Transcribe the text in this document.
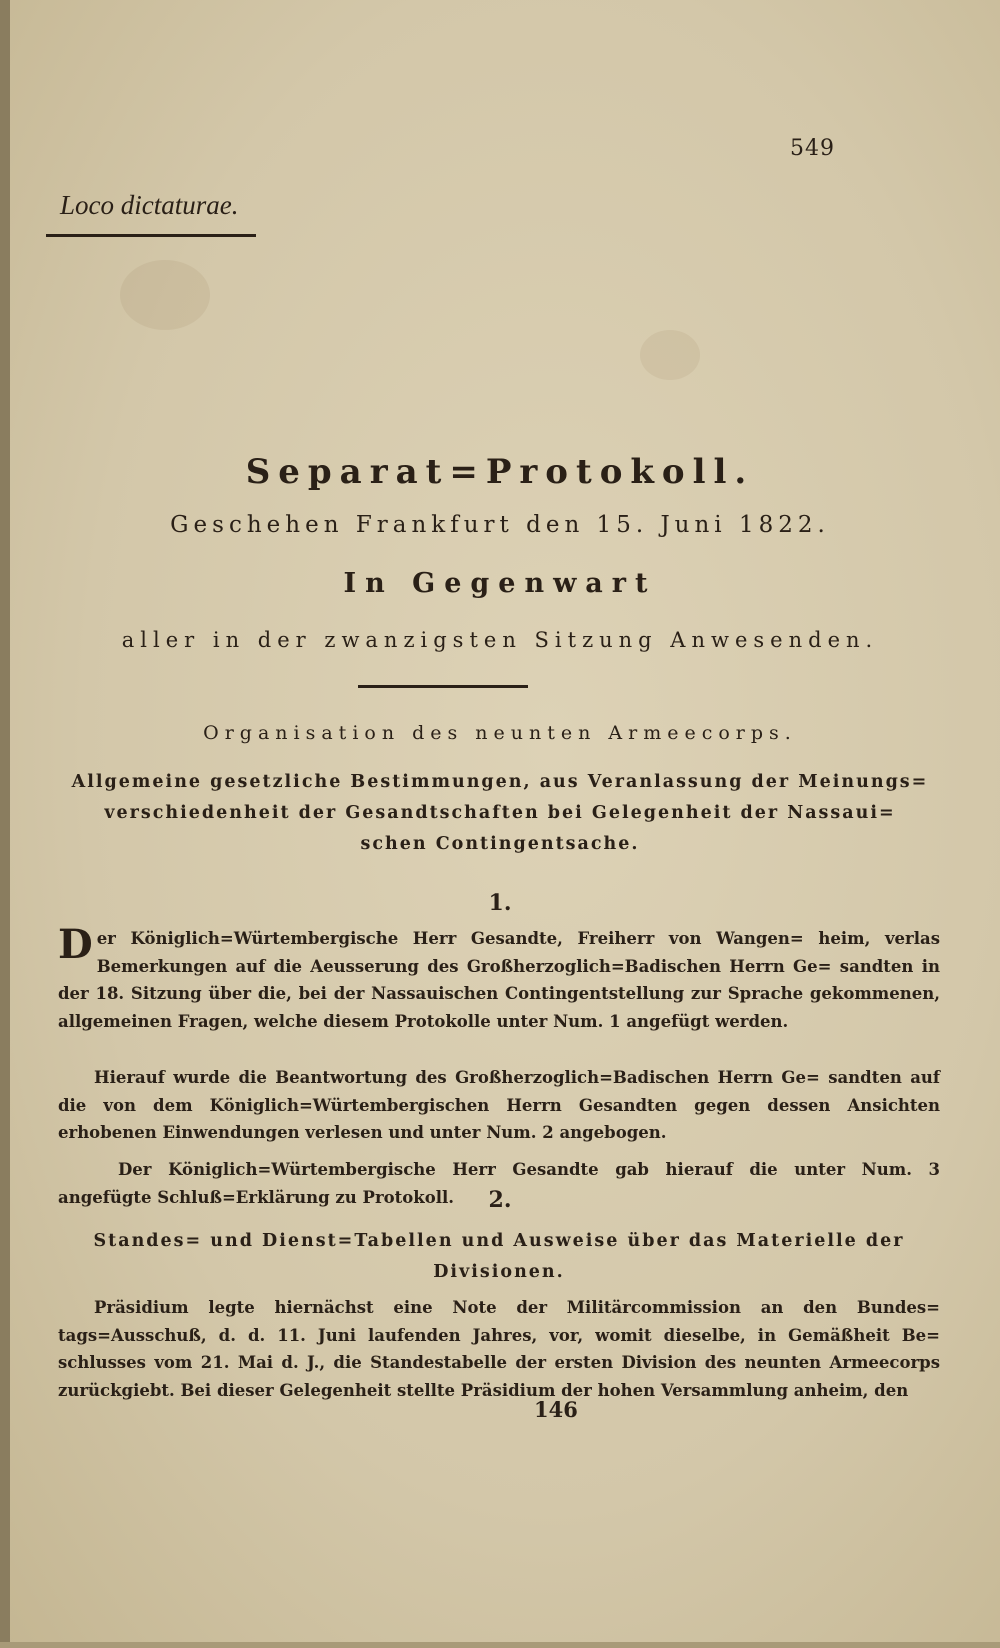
549
Loco dictaturae.
Separat=Protokoll.
Geschehen Frankfurt den 15. Juni 1822.
In Gegenwart
aller in der zwanzigsten Sitzung Anwesenden.
Organisation des neunten Armeecorps.
Allgemeine gesetzliche Bestimmungen, aus Veranlassung der Meinungs= verschiedenheit der Gesandtschaften bei Gelegenheit der Nassaui= schen Contingentsache.
1.

Der Königlich=Würtembergische Herr Gesandte, Freiherr von Wangen= heim, verlas Bemerkungen auf die Aeusserung des Großherzoglich=Badischen Herrn Ge= sandten in der 18. Sitzung über die, bei der Nassauischen Contingentstellung zur Sprache gekommenen, allgemeinen Fragen, welche diesem Protokolle unter Num. 1 angefügt werden.

Hierauf wurde die Beantwortung des Großherzoglich=Badischen Herrn Ge= sandten auf die von dem Königlich=Würtembergischen Herrn Gesandten gegen dessen Ansichten erhobenen Einwendungen verlesen und unter Num. 2 angebogen.

Der Königlich=Würtembergische Herr Gesandte gab hierauf die unter Num. 3 angefügte Schluß=Erklärung zu Protokoll.	2.
Standes= und Dienst=Tabellen und Ausweise über das Materielle der Divisionen.

Präsidium legte hiernächst eine Note der Militärcommission an den Bundes= tags=Ausschuß, d. d. 11. Juni laufenden Jahres, vor, womit dieselbe, in Gemäßheit Be= schlusses vom 21. Mai d. J., die Standestabelle der ersten Division des neunten Armeecorps zurückgiebt. Bei dieser Gelegenheit stellte Präsidium der hohen Versammlung anheim, den

146
